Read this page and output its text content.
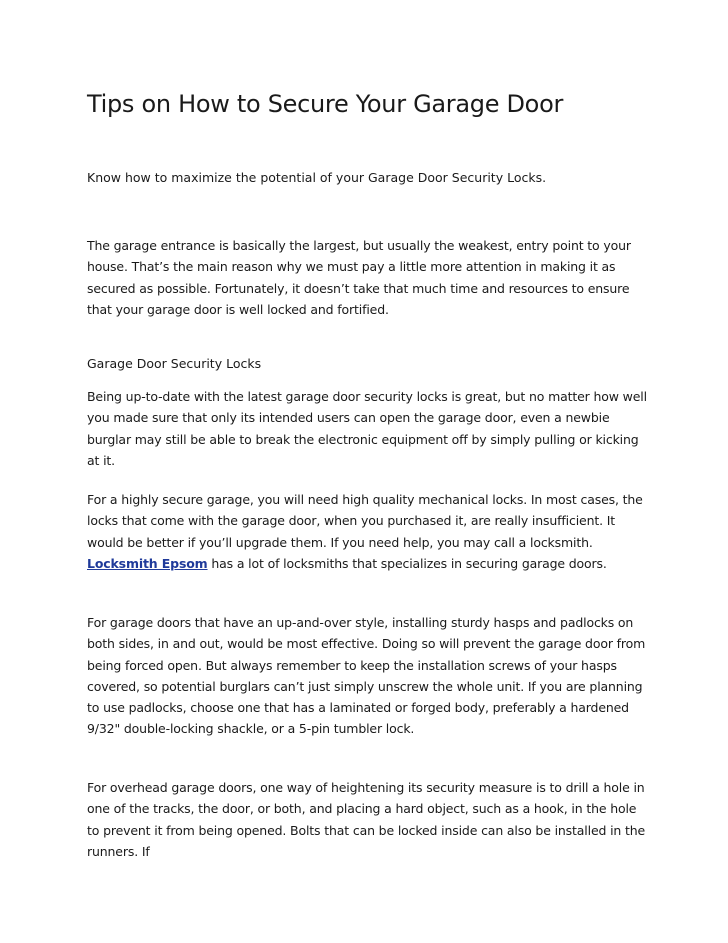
Tips on How to Secure Your Garage Door

Know how to maximize the potential of your Garage Door Security Locks.

The garage entrance is basically the largest, but usually the weakest, entry point to your house. That’s the main reason why we must pay a little more attention in making it as secured as possible. Fortunately, it doesn’t take that much time and resources to ensure that your garage door is well locked and fortified.

Garage Door Security Locks

Being up-to-date with the latest garage door security locks is great, but no matter how well you made sure that only its intended users can open the garage door, even a newbie burglar may still be able to break the electronic equipment off by simply pulling or kicking at it.

For a highly secure garage, you will need high quality mechanical locks. In most cases, the locks that come with the garage door, when you purchased it, are really insufficient. It would be better if you’ll upgrade them. If you need help, you may call a locksmith. Locksmith Epsom has a lot of locksmiths that specializes in securing garage doors.

For garage doors that have an up-and-over style, installing sturdy hasps and padlocks on both sides, in and out, would be most effective. Doing so will prevent the garage door from being forced open. But always remember to keep the installation screws of your hasps covered, so potential burglars can’t just simply unscrew the whole unit. If you are planning to use padlocks, choose one that has a laminated or forged body, preferably a hardened 9/32" double-locking shackle, or a 5-pin tumbler lock.

For overhead garage doors, one way of heightening its security measure is to drill a hole in one of the tracks, the door, or both, and placing a hard object, such as a hook, in the hole to prevent it from being opened. Bolts that can be locked inside can also be installed in the runners. If
